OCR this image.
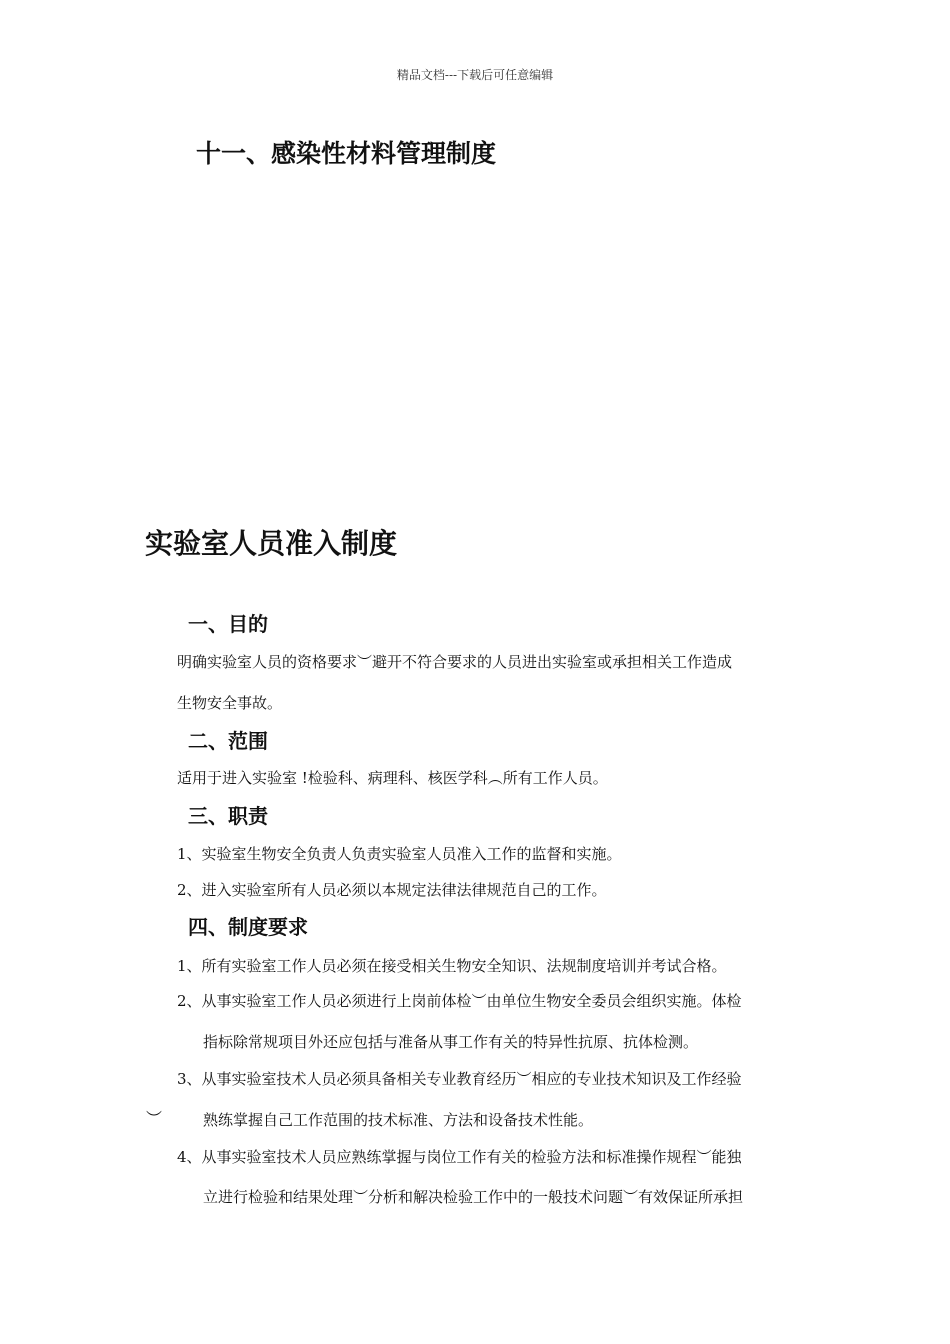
精品文档---下载后可任意编辑
十一、感染性材料管理制度
实验室人员准入制度
一、目的
明确实验室人员的资格要求︶避开不符合要求的人员进出实验室或承担相关工作造成
生物安全事故。
二、范围
适用于进入实验室 !检验科、病理科、核医学科︵所有工作人员。
三、职责
1、实验室生物安全负责人负责实验室人员准入工作的监督和实施。
2、进入实验室所有人员必须以本规定法律法律规范自己的工作。
四、制度要求
1、所有实验室工作人员必须在接受相关生物安全知识、法规制度培训并考试合格。
2、从事实验室工作人员必须进行上岗前体检︶由单位生物安全委员会组织实施。体检
指标除常规项目外还应包括与准备从事工作有关的特异性抗原、抗体检测。
3、从事实验室技术人员必须具备相关专业教育经历︶相应的专业技术知识及工作经验
︶	熟练掌握自己工作范围的技术标准、方法和设备技术性能。
4、从事实验室技术人员应熟练掌握与岗位工作有关的检验方法和标准操作规程︶能独
立进行检验和结果处理︶分析和解决检验工作中的一般技术问题︶有效保证所承担
